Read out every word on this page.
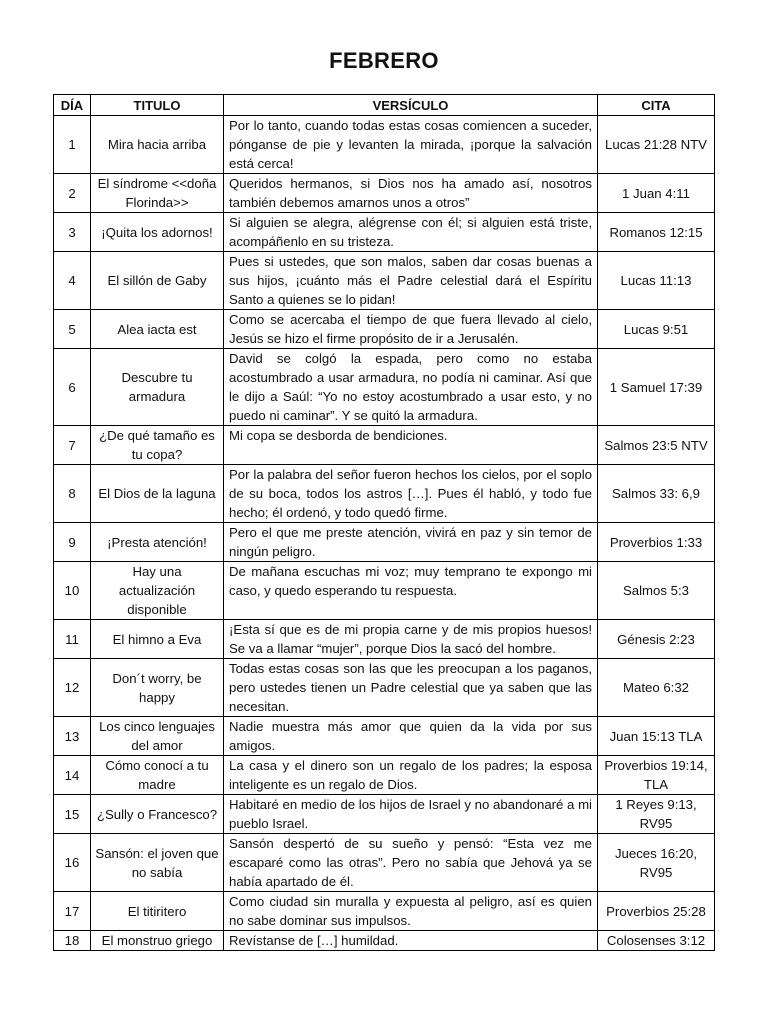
FEBRERO
DÍA	TITULO	VERSÍCULO	CITA
1	Mira hacia arriba	Por lo tanto, cuando todas estas cosas comiencen a suceder, pónganse de pie y levanten la mirada, ¡porque la salvación está cerca!	Lucas 21:28 NTV
2	El síndrome <<doña Florinda>>	Queridos hermanos, si Dios nos ha amado así, nosotros también debemos amarnos unos a otros”	1 Juan 4:11
3	¡Quita los adornos!	Si alguien se alegra, alégrense con él; si alguien está triste, acompáñenlo en su tristeza.	Romanos 12:15
4	El sillón de Gaby	Pues si ustedes, que son malos, saben dar cosas buenas a sus hijos, ¡cuánto más el Padre celestial dará el Espíritu Santo a quienes se lo pidan!	Lucas 11:13
5	Alea iacta est	Como se acercaba el tiempo de que fuera llevado al cielo, Jesús se hizo el firme propósito de ir a Jerusalén.	Lucas 9:51
6	Descubre tu armadura	David se colgó la espada, pero como no estaba acostumbrado a usar armadura, no podía ni caminar. Así que le dijo a Saúl: “Yo no estoy acostumbrado a usar esto, y no puedo ni caminar”. Y se quitó la armadura.	1 Samuel 17:39
7	¿De qué tamaño es tu copa?	Mi copa se desborda de bendiciones.	Salmos 23:5 NTV
8	El Dios de la laguna	Por la palabra del señor fueron hechos los cielos, por el soplo de su boca, todos los astros […]. Pues él habló, y todo fue hecho; él ordenó, y todo quedó firme.	Salmos 33: 6,9
9	¡Presta atención!	Pero el que me preste atención, vivirá en paz y sin temor de ningún peligro.	Proverbios 1:33
10	Hay una actualización disponible	De mañana escuchas mi voz; muy temprano te expongo mi caso, y quedo esperando tu respuesta.	Salmos 5:3
11	El himno a Eva	¡Esta sí que es de mi propia carne y de mis propios huesos! Se va a llamar “mujer”, porque Dios la sacó del hombre.	Génesis 2:23
12	Don´t worry, be happy	Todas estas cosas son las que les preocupan a los paganos, pero ustedes tienen un Padre celestial que ya saben que las necesitan.	Mateo 6:32
13	Los cinco lenguajes del amor	Nadie muestra más amor que quien da la vida por sus amigos.	Juan 15:13 TLA
14	Cómo conocí a tu madre	La casa y el dinero son un regalo de los padres; la esposa inteligente es un regalo de Dios.	Proverbios 19:14, TLA
15	¿Sully o Francesco?	Habitaré en medio de los hijos de Israel y no abandonaré a mi pueblo Israel.	1 Reyes 9:13, RV95
16	Sansón: el joven que no sabía	Sansón despertó de su sueño y pensó: “Esta vez me escaparé como las otras”. Pero no sabía que Jehová ya se había apartado de él.	Jueces 16:20, RV95
17	El titiritero	Como ciudad sin muralla y expuesta al peligro, así es quien no sabe dominar sus impulsos.	Proverbios 25:28
18	El monstruo griego	Revístanse de […] humildad.	Colosenses 3:12
